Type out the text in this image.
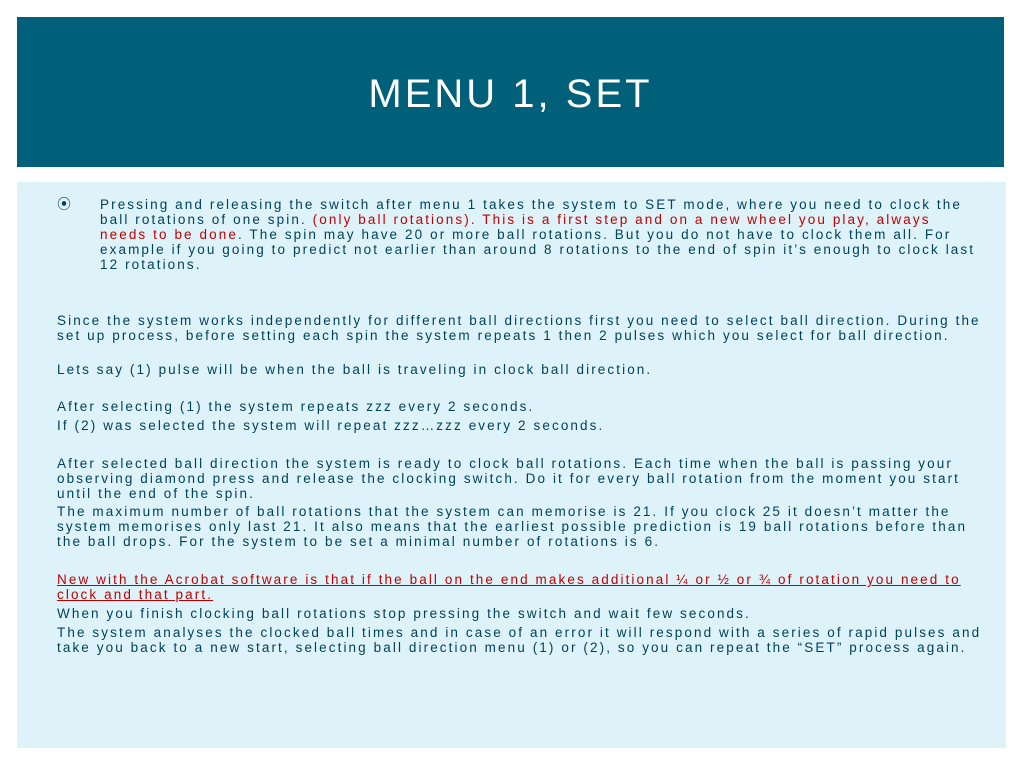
MENU 1, SET
⦿ Pressing and releasing the switch after menu 1 takes the system to SET mode, where you need to clock the ball rotations of one spin. (only ball rotations). This is a first step and on a new wheel you play, always needs to be done. The spin may have 20 or more ball rotations. But you do not have to clock them all. For example if you going to predict not earlier than around 8 rotations to the end of spin it’s enough to clock last 12 rotations.

Since the system works independently for different ball directions first you need to select ball direction. During the set up process, before setting each spin the system repeats 1 then 2 pulses which you select for ball direction.

Lets say (1) pulse will be when the ball is traveling in clock ball direction.

After selecting (1) the system repeats zzz every 2 seconds.

If (2) was selected the system will repeat zzz…zzz every 2 seconds.

After selected ball direction the system is ready to clock ball rotations. Each time when the ball is passing your observing diamond press and release the clocking switch. Do it for every ball rotation from the moment you start until the end of the spin.

The maximum number of ball rotations that the system can memorise is 21. If you clock 25 it doesn’t matter the system memorises only last 21. It also means that the earliest possible prediction is 19 ball rotations before than the ball drops. For the system to be set a minimal number of rotations is 6.

New with the Acrobat software is that if the ball on the end makes additional ¼ or ½ or ¾ of rotation you need to clock and that part.

When you finish clocking ball rotations stop pressing the switch and wait few seconds.

The system analyses the clocked ball times and in case of an error it will respond with a series of rapid pulses and take you back to a new start, selecting ball direction menu (1) or (2), so you can repeat the “SET” process again.
